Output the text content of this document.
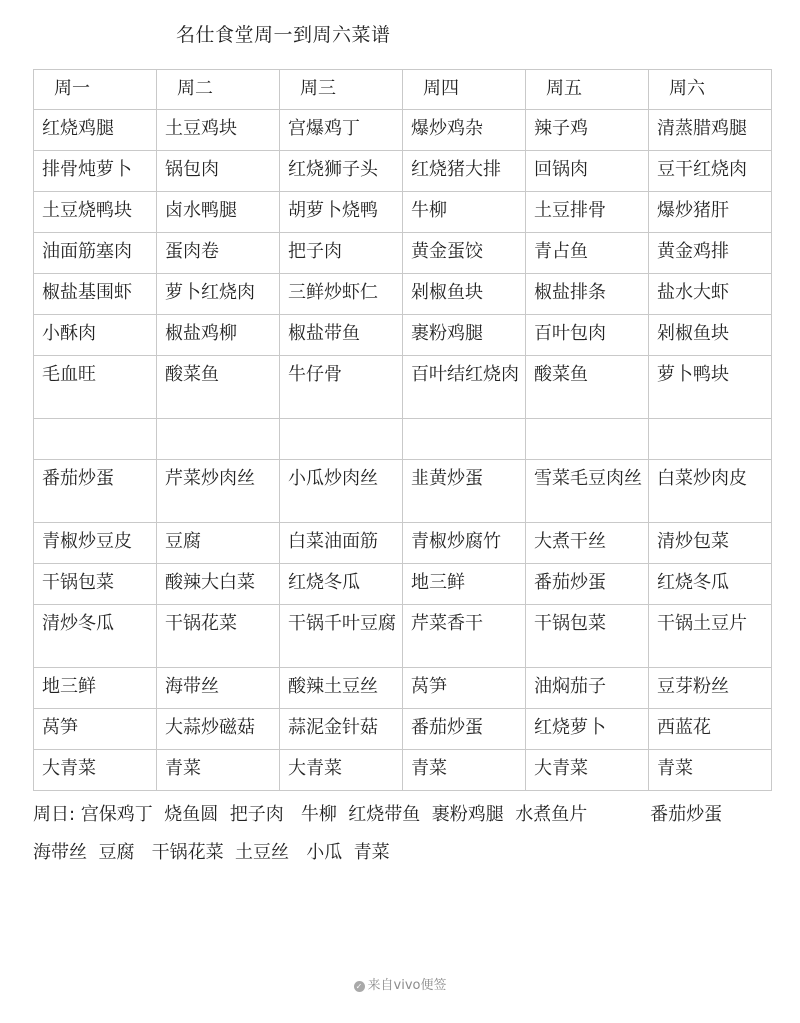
名仕食堂周一到周六菜谱
周一	周二	周三	周四	周五	周六
红烧鸡腿	土豆鸡块	宫爆鸡丁	爆炒鸡杂	辣子鸡	清蒸腊鸡腿
排骨炖萝卜	锅包肉	红烧狮子头	红烧猪大排	回锅肉	豆干红烧肉
土豆烧鸭块	卤水鸭腿	胡萝卜烧鸭	牛柳	土豆排骨	爆炒猪肝
油面筋塞肉	蛋肉卷	把子肉	黄金蛋饺	青占鱼	黄金鸡排
椒盐基围虾	萝卜红烧肉	三鲜炒虾仁	剁椒鱼块	椒盐排条	盐水大虾
小酥肉	椒盐鸡柳	椒盐带鱼	裹粉鸡腿	百叶包肉	剁椒鱼块
毛血旺	酸菜鱼	牛仔骨	百叶结红烧肉	酸菜鱼	萝卜鸭块

番茄炒蛋	芹菜炒肉丝	小瓜炒肉丝	韭黄炒蛋	雪菜毛豆肉丝	白菜炒肉皮
青椒炒豆皮	豆腐	白菜油面筋	青椒炒腐竹	大煮干丝	清炒包菜
干锅包菜	酸辣大白菜	红烧冬瓜	地三鲜	番茄炒蛋	红烧冬瓜
清炒冬瓜	干锅花菜	干锅千叶豆腐	芹菜香干	干锅包菜	干锅土豆片
地三鲜	海带丝	酸辣土豆丝	莴笋	油焖茄子	豆芽粉丝
莴笋	大蒜炒磁菇	蒜泥金针菇	番茄炒蛋	红烧萝卜	西蓝花
大青菜	青菜	大青菜	青菜	大青菜	青菜
周日: 宫保鸡丁  烧鱼圆  把子肉   牛柳  红烧带鱼  裹粉鸡腿  水煮鱼片           番茄炒蛋
海带丝  豆腐   干锅花菜  土豆丝   小瓜  青菜
✓ 来自vivo便签
